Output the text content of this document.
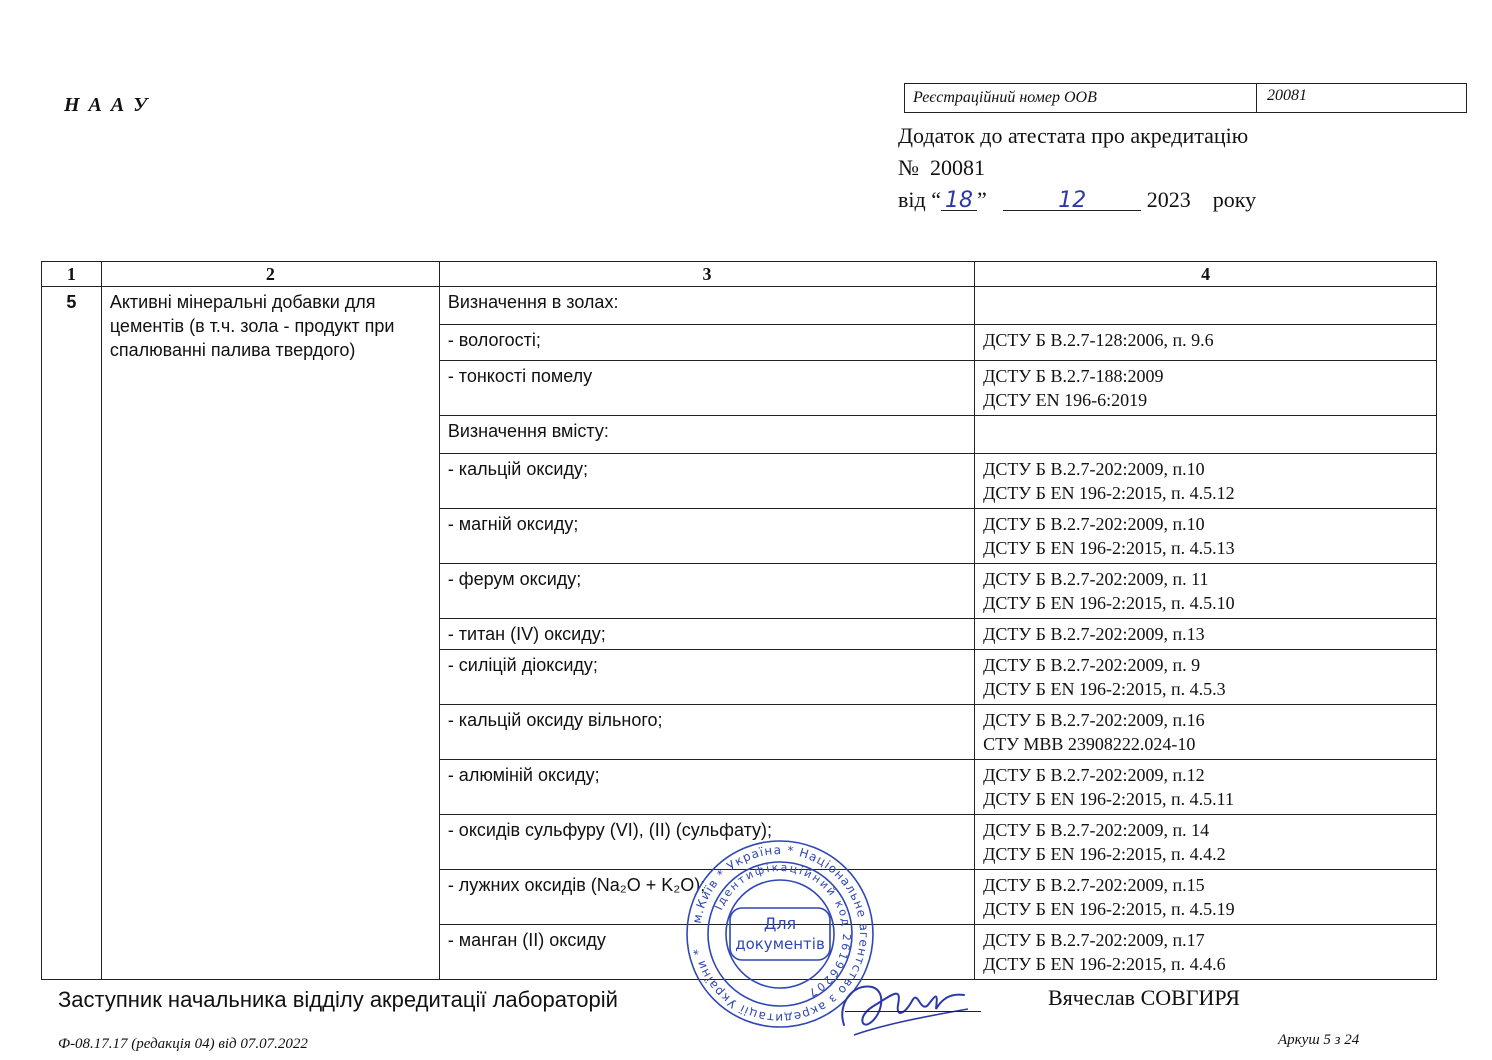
Н А А У	Реєстраційний номер ООВ	20081
Додаток до атестата про акредитацію
№ 20081
від “ 18 ”	12	2023 року
1	2	3	4
5	Активні мінеральні добавки для цементів (в т.ч. зола - продукт при спалюванні палива твердого)	Визначення в золах:	
		- вологості;	ДСТУ Б В.2.7-128:2006, п. 9.6
		- тонкості помелу	ДСТУ Б В.2.7-188:2009
ДСТУ EN 196-6:2019
		Визначення вмісту:	
		- кальцій оксиду;	ДСТУ Б В.2.7-202:2009, п.10
ДСТУ Б EN 196-2:2015, п. 4.5.12
		- магній оксиду;	ДСТУ Б В.2.7-202:2009, п.10
ДСТУ Б EN 196-2:2015, п. 4.5.13
		- ферум оксиду;	ДСТУ Б В.2.7-202:2009, п. 11
ДСТУ Б EN 196-2:2015, п. 4.5.10
		- титан (IV) оксиду;	ДСТУ Б В.2.7-202:2009, п.13
		- силіцій діоксиду;	ДСТУ Б В.2.7-202:2009, п. 9
ДСТУ Б EN 196-2:2015, п. 4.5.3
		- кальцій оксиду вільного;	ДСТУ Б В.2.7-202:2009, п.16
СТУ МВВ 23908222.024-10
		- алюміній оксиду;	ДСТУ Б В.2.7-202:2009, п.12
ДСТУ Б EN 196-2:2015, п. 4.5.11
		- оксидів сульфуру (VI), (II) (сульфату);	ДСТУ Б В.2.7-202:2009, п. 14
ДСТУ Б EN 196-2:2015, п. 4.4.2
		- лужних оксидів (Na₂O + K₂O);	ДСТУ Б В.2.7-202:2009, п.15
ДСТУ Б EN 196-2:2015, п. 4.5.19
		- манган (II) оксиду	ДСТУ Б В.2.7-202:2009, п.17
ДСТУ Б EN 196-2:2015, п. 4.4.6
м.Київ * Україна * Національне агентство з акредитації України *
Ідентифікаційний код 26196207
Для
документів
Заступник начальника відділу акредитації лабораторій	Вячеслав СОВГИРЯ
Ф-08.17.17 (редакція 04) від 07.07.2022	Аркуш 5 з 24
